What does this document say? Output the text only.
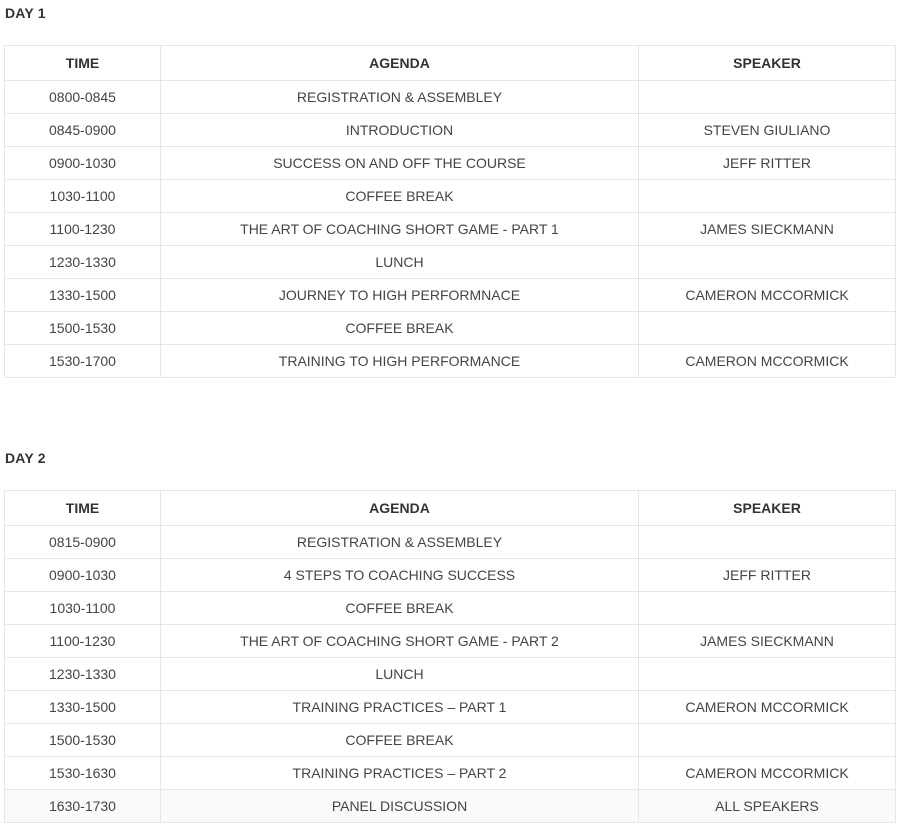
DAY 1
TIME	AGENDA	SPEAKER
0800-0845	REGISTRATION & ASSEMBLEY	
0845-0900	INTRODUCTION	STEVEN GIULIANO
0900-1030	SUCCESS ON AND OFF THE COURSE	JEFF RITTER
1030-1100	COFFEE BREAK	
1100-1230	THE ART OF COACHING SHORT GAME - PART 1	JAMES SIECKMANN
1230-1330	LUNCH	
1330-1500	JOURNEY TO HIGH PERFORMNACE	CAMERON MCCORMICK
1500-1530	COFFEE BREAK	
1530-1700	TRAINING TO HIGH PERFORMANCE	CAMERON MCCORMICK
DAY 2
TIME	AGENDA	SPEAKER
0815-0900	REGISTRATION & ASSEMBLEY	
0900-1030	4 STEPS TO COACHING SUCCESS	JEFF RITTER
1030-1100	COFFEE BREAK	
1100-1230	THE ART OF COACHING SHORT GAME - PART 2	JAMES SIECKMANN
1230-1330	LUNCH	
1330-1500	TRAINING PRACTICES – PART 1	CAMERON MCCORMICK
1500-1530	COFFEE BREAK	
1530-1630	TRAINING PRACTICES – PART 2	CAMERON MCCORMICK
1630-1730	PANEL DISCUSSION	ALL SPEAKERS
